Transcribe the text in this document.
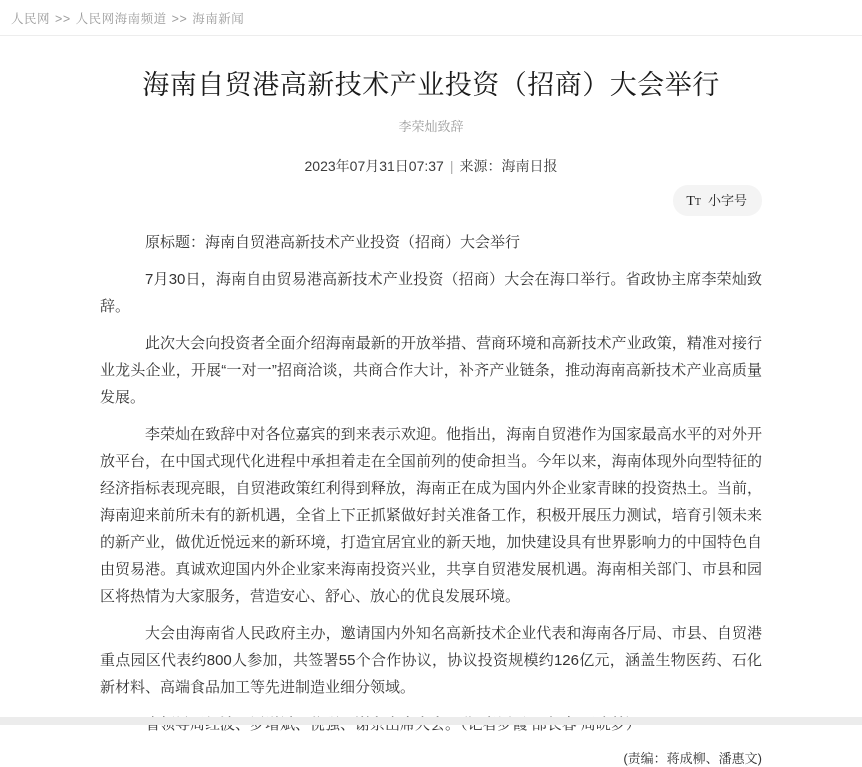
人民网 >> 人民网海南频道 >> 海南新闻
海南自贸港高新技术产业投资（招商）大会举行
李荣灿致辞
2023年07月31日07:37 | 来源：海南日报
TT 小字号

原标题：海南自贸港高新技术产业投资（招商）大会举行

7月30日，海南自由贸易港高新技术产业投资（招商）大会在海口举行。省政协主席李荣灿致辞。

此次大会向投资者全面介绍海南最新的开放举措、营商环境和高新技术产业政策，精准对接行业龙头企业，开展“一对一”招商洽谈，共商合作大计，补齐产业链条，推动海南高新技术产业高质量发展。

李荣灿在致辞中对各位嘉宾的到来表示欢迎。他指出，海南自贸港作为国家最高水平的对外开放平台，在中国式现代化进程中承担着走在全国前列的使命担当。今年以来，海南体现外向型特征的经济指标表现亮眼，自贸港政策红利得到释放，海南正在成为国内外企业家青睐的投资热土。当前，海南迎来前所未有的新机遇，全省上下正抓紧做好封关准备工作，积极开展压力测试，培育引领未来的新产业，做优近悦远来的新环境，打造宜居宜业的新天地，加快建设具有世界影响力的中国特色自由贸易港。真诚欢迎国内外企业家来海南投资兴业，共享自贸港发展机遇。海南相关部门、市县和园区将热情为大家服务，营造安心、舒心、放心的优良发展环境。

大会由海南省人民政府主办，邀请国内外知名高新技术企业代表和海南各厅局、市县、自贸港重点园区代表约800人参加，共签署55个合作协议，协议投资规模约126亿元，涵盖生物医药、石化新材料、高端食品加工等先进制造业细分领域。

(责编：蒋成柳、潘惠文)
